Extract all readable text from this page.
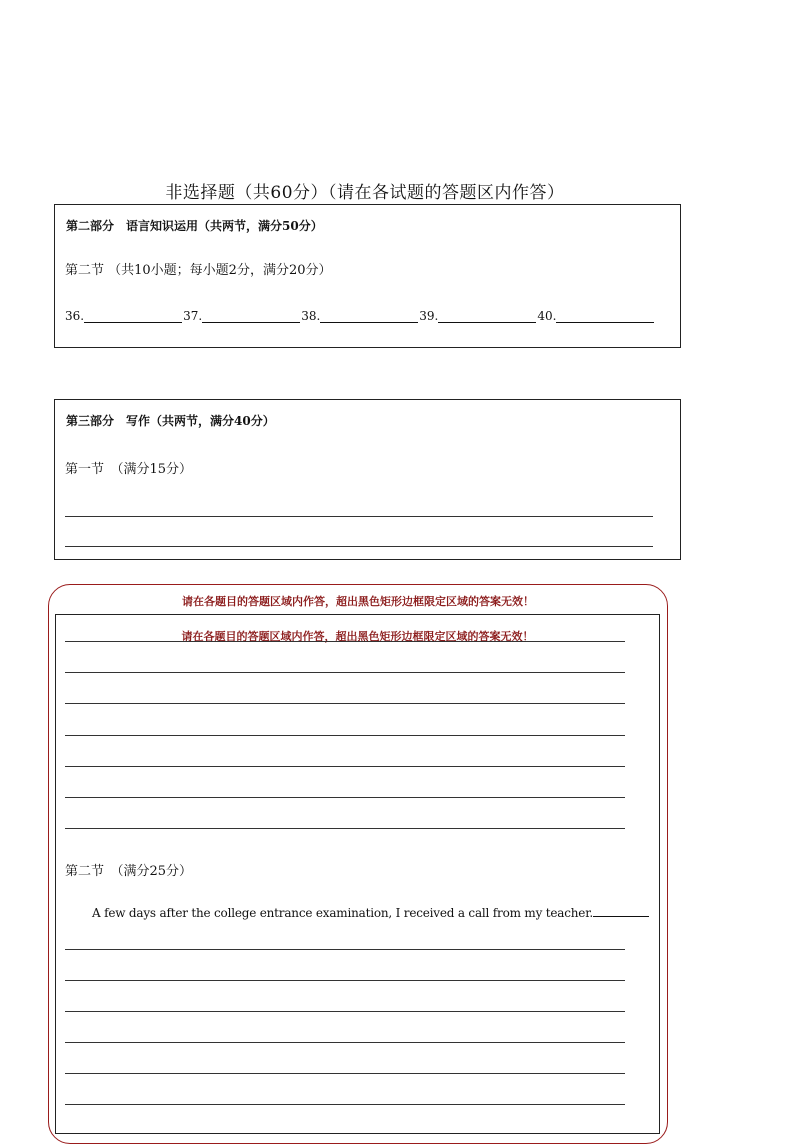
非选择题（共60分）（请在各试题的答题区内作答）
第二部分　语言知识运用（共两节，满分50分）
第二节 （共10小题；每小题2分，满分20分）
36.	37.	38.	39.	40.
第三部分　写作（共两节，满分40分）
第一节　（满分15分）
请在各题目的答题区域内作答，超出黑色矩形边框限定区域的答案无效！
请在各题目的答题区域内作答，超出黑色矩形边框限定区域的答案无效！
第二节　（满分25分）
A few days after the college entrance examination, I received a call from my teacher.
